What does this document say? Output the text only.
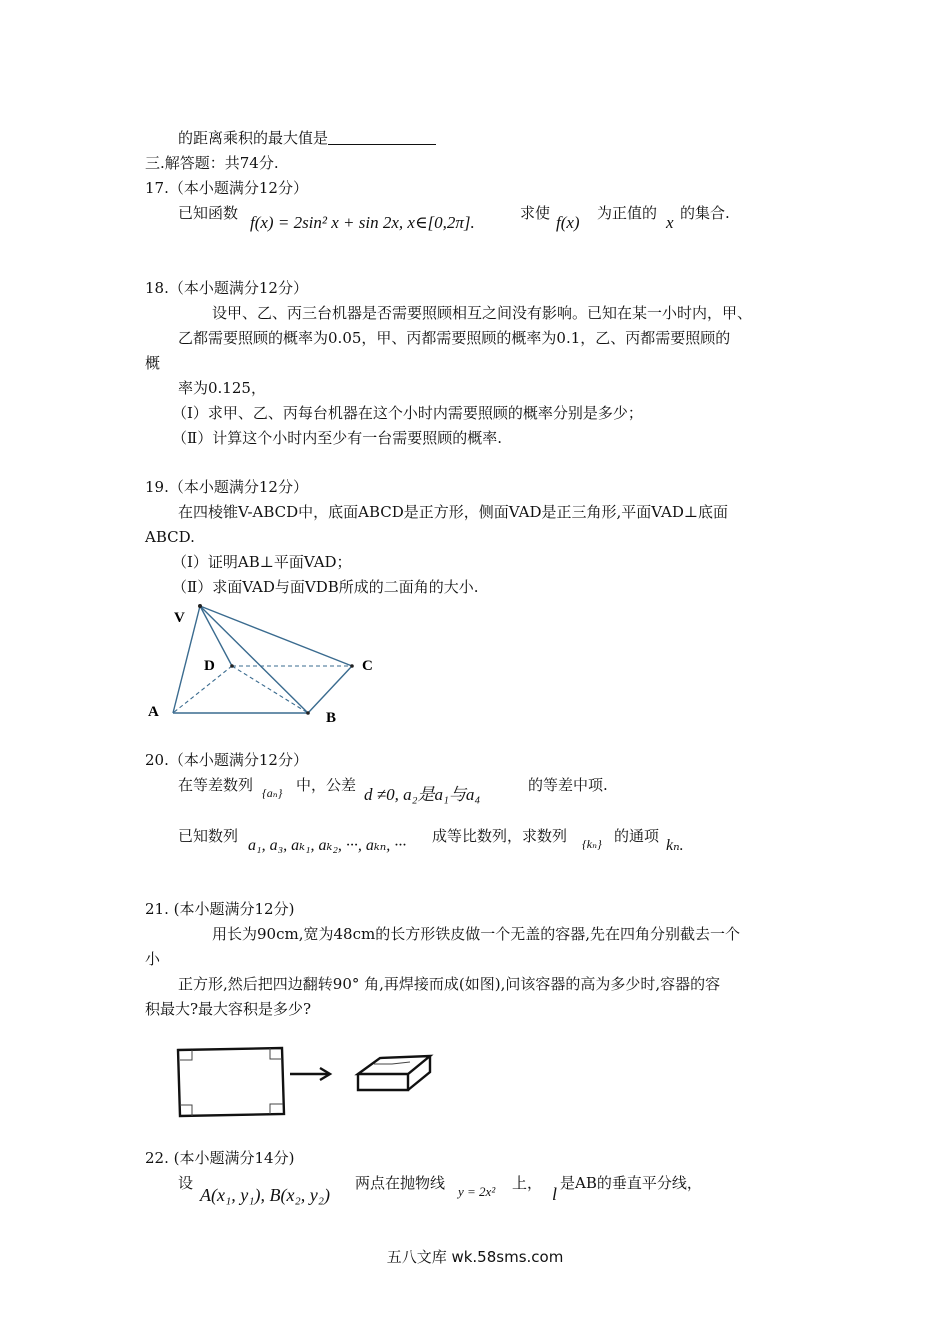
的距离乘积的最大值是
三.解答题：共74分.
17.（本小题满分12分）
已知函数 f(x) = 2sin² x + sin 2x, x∈[0,2π].	求使 f(x) 为正值的 x 的集合.
18.（本小题满分12分）
设甲、乙、丙三台机器是否需要照顾相互之间没有影响。已知在某一小时内，甲、
乙都需要照顾的概率为0.05，甲、丙都需要照顾的概率为0.1，乙、丙都需要照顾的
概
率为0.125，
（Ⅰ）求甲、乙、丙每台机器在这个小时内需要照顾的概率分别是多少；
（Ⅱ）计算这个小时内至少有一台需要照顾的概率.
19.（本小题满分12分）
在四棱锥V-ABCD中，底面ABCD是正方形，侧面VAD是正三角形,平面VAD⊥底面
ABCD.
（Ⅰ）证明AB⊥平面VAD；
（Ⅱ）求面VAD与面VDB所成的二面角的大小.
V
D	C
A	B
20.（本小题满分12分）
在等差数列 {aₙ} 中，公差 d ≠0, a₂是a₁与a₄	的等差中项.
已知数列
a₁, a₃, aₖ₁, aₖ₂, ···, aₖₙ, ···
成等比数列，求数列 {kₙ} 的通项
kₙ.
21. (本小题满分12分)
用长为90cm,宽为48cm的长方形铁皮做一个无盖的容器,先在四角分别截去一个
小
正方形,然后把四边翻转90° 角,再焊接而成(如图),问该容器的高为多少时,容器的容
积最大?最大容积是多少?
22. (本小题满分14分)
设
A(x₁, y₁), B(x₂, y₂)
两点在抛物线 y = 2x² 上，
l
是AB的垂直平分线，
五八文库 wk.58sms.com
